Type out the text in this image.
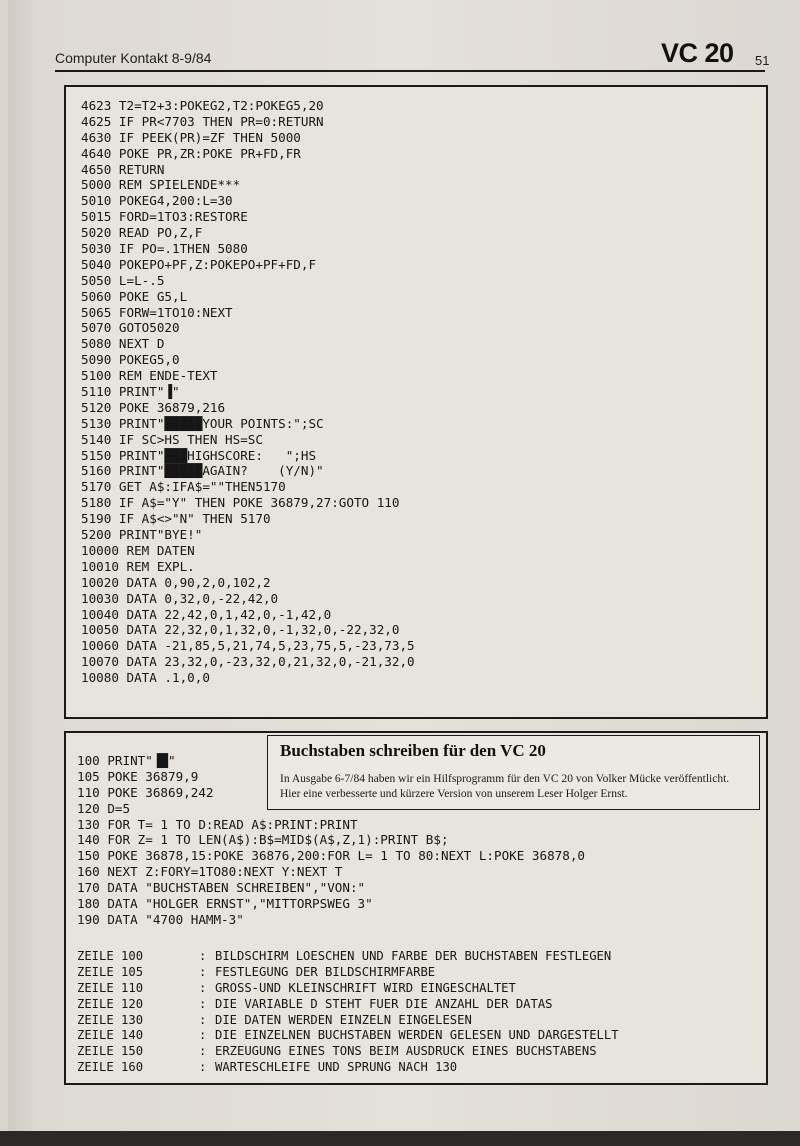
Computer Kontakt 8-9/84	VC 20 51
4623 T2=T2+3:POKEG2,T2:POKEG5,20
4625 IF PR<7703 THEN PR=0:RETURN
4630 IF PEEK(PR)=ZF THEN 5000
4640 POKE PR,ZR:POKE PR+FD,FR
4650 RETURN
5000 REM SPIELENDE***
5010 POKEG4,200:L=30
5015 FORD=1TO3:RESTORE
5020 READ PO,Z,F
5030 IF PO=.1THEN 5080
5040 POKEPO+PF,Z:POKEPO+PF+FD,F
5050 L=L-.5
5060 POKE G5,L
5065 FORW=1TO10:NEXT
5070 GOTO5020
5080 NEXT D
5090 POKEG5,0
5100 REM ENDE-TEXT
5110 PRINT"▐"
5120 POKE 36879,216
5130 PRINT"█████YOUR POINTS:";SC
5140 IF SC>HS THEN HS=SC
5150 PRINT"███HIGHSCORE:   ";HS
5160 PRINT"█████AGAIN?    (Y/N)"
5170 GET A$:IFA$=""THEN5170
5180 IF A$="Y" THEN POKE 36879,27:GOTO 110
5190 IF A$<>"N" THEN 5170
5200 PRINT"BYE!"
10000 REM DATEN
10010 REM EXPL.
10020 DATA 0,90,2,0,102,2
10030 DATA 0,32,0,-22,42,0
10040 DATA 22,42,0,1,42,0,-1,42,0
10050 DATA 22,32,0,1,32,0,-1,32,0,-22,32,0
10060 DATA -21,85,5,21,74,5,23,75,5,-23,73,5
10070 DATA 23,32,0,-23,32,0,21,32,0,-21,32,0
10080 DATA .1,0,0
100 PRINT"▐█"
105 POKE 36879,9
110 POKE 36869,242
120 D=5
130 FOR T= 1 TO D:READ A$:PRINT:PRINT
140 FOR Z= 1 TO LEN(A$):B$=MID$(A$,Z,1):PRINT B$;
150 POKE 36878,15:POKE 36876,200:FOR L= 1 TO 80:NEXT L:POKE 36878,0
160 NEXT Z:FORY=1TO80:NEXT Y:NEXT T
170 DATA "BUCHSTABEN SCHREIBEN","VON:"
180 DATA "HOLGER ERNST","MITTORPSWEG 3"
190 DATA "4700 HAMM-3"
Buchstaben schreiben für den VC 20
In Ausgabe 6-7/84 haben wir ein Hilfsprogramm für den VC 20 von Volker Mücke veröffentlicht. Hier eine verbesserte und kürzere Version von unserem Leser Holger Ernst.
ZEILE 100	: BILDSCHIRM LOESCHEN UND FARBE DER BUCHSTABEN FESTLEGEN
ZEILE 105	: FESTLEGUNG DER BILDSCHIRMFARBE
ZEILE 110	: GROSS-UND KLEINSCHRIFT WIRD EINGESCHALTET
ZEILE 120	: DIE VARIABLE D STEHT FUER DIE ANZAHL DER DATAS
ZEILE 130	: DIE DATEN WERDEN EINZELN EINGELESEN
ZEILE 140	: DIE EINZELNEN BUCHSTABEN WERDEN GELESEN UND DARGESTELLT
ZEILE 150	: ERZEUGUNG EINES TONS BEIM AUSDRUCK EINES BUCHSTABENS
ZEILE 160	: WARTESCHLEIFE UND SPRUNG NACH 130
